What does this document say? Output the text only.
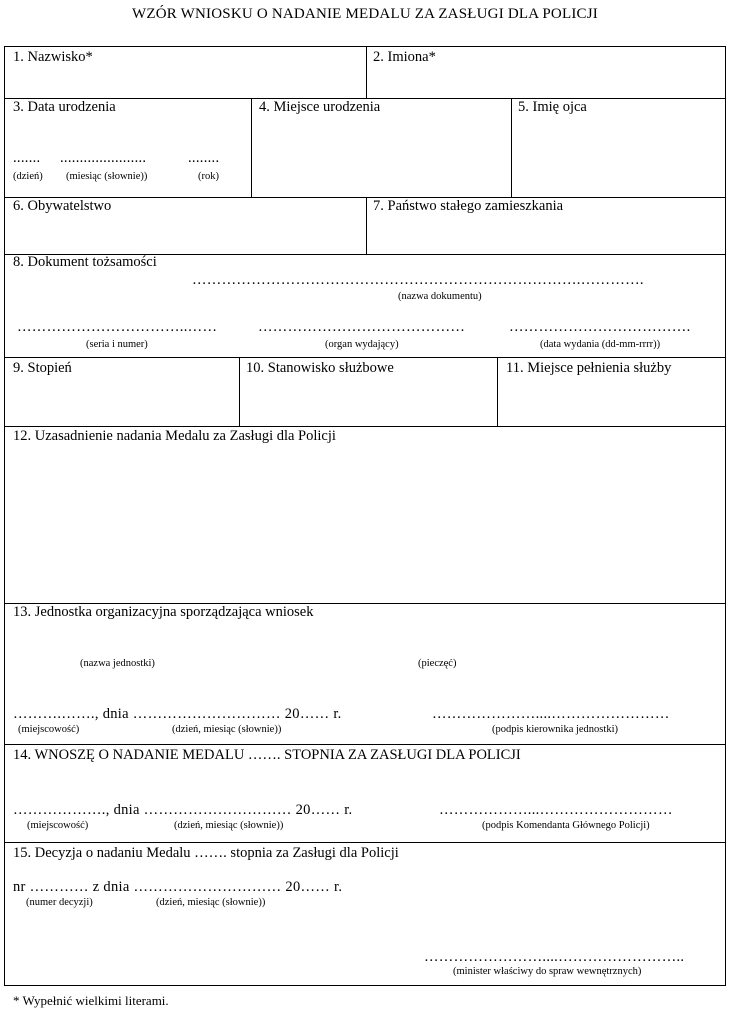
WZÓR WNIOSKU O NADANIE MEDALU ZA ZASŁUGI DLA POLICJI
1. Nazwisko*	2. Imiona*
3. Data urodzenia
....... ......................	........
(dzień) (miesiąc (słownie))	(rok)
4. Miejsce urodzenia	5. Imię ojca
6. Obywatelstwo	7. Państwo stałego zamieszkania
8. Dokument tożsamości
…………………………………………………………………….………….
(nazwa dokumentu)
……………………………..……	……………………………………	……………………………….
(seria i numer)	(organ wydający)	(data wydania (dd-mm-rrrr))
9. Stopień	10. Stanowisko służbowe	11. Miejsce pełnienia służby
12. Uzasadnienie nadania Medalu za Zasługi dla Policji
13. Jednostka organizacyjna sporządzająca wniosek
(nazwa jednostki)	(pieczęć)
……….……., dnia ………………………… 20…… r.	…………………....……………………
(miejscowość)	(dzień, miesiąc (słownie))	(podpis kierownika jednostki)
14. WNOSZĘ O NADANIE MEDALU ……. STOPNIA ZA ZASŁUGI DLA POLICJI
………………., dnia ………………………… 20…… r.	………………...………………………
(miejscowość)	(dzień, miesiąc (słownie))	(podpis Komendanta Głównego Policji)
15. Decyzja o nadaniu Medalu ……. stopnia za Zasługi dla Policji
nr ………… z dnia ………………………… 20…… r.
(numer decyzji)	(dzień, miesiąc (słownie))
……………………....……………………..
(minister właściwy do spraw wewnętrznych)
* Wypełnić wielkimi literami.
